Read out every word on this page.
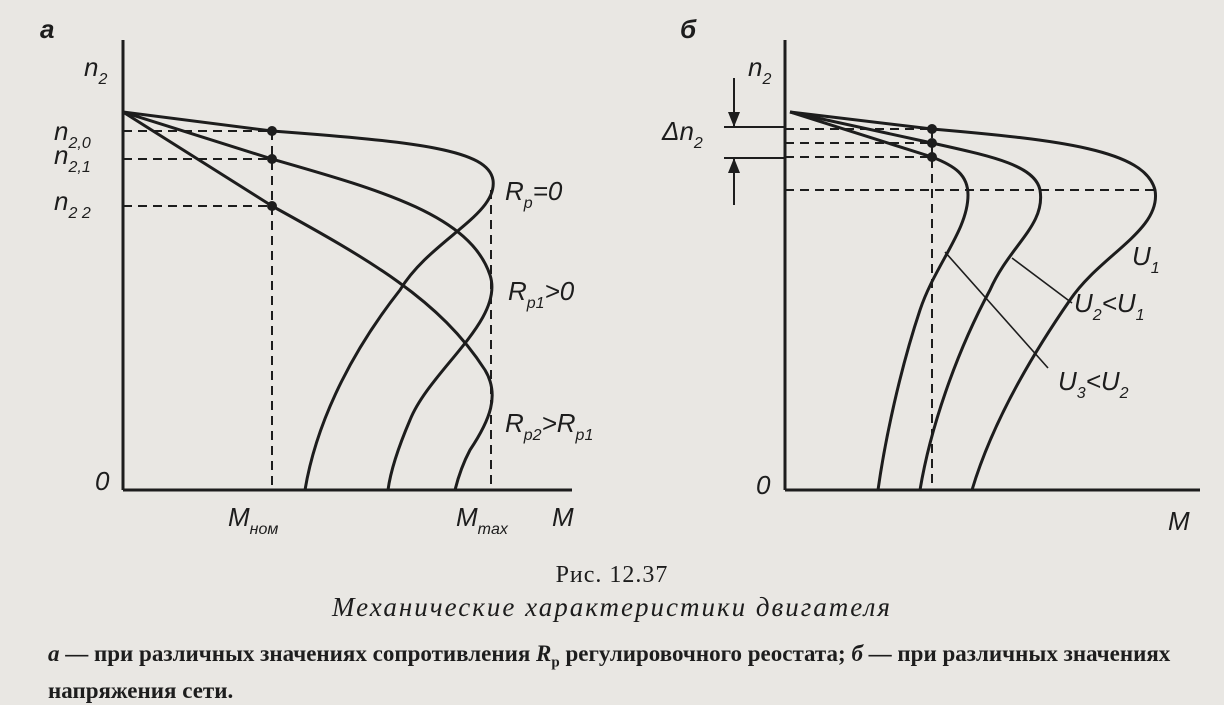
а
$n_2$
0
M
$n_{2,0}$
$n_{2,1}$
$n_{2 2}$
$M_{ном}$	$M_{max}$
$R_p=0$
$R_{p1}>0$
$R_{p2}>R_{p1}$
б
$n_2$
0
M
$\Delta n_2$
$U_1$
$U_2<U_1$
$U_3<U_2$
Рис. 12.37
Механические характеристики двигателя
а — при различных значениях сопротивления $R_р$ регулировочного реостата; б — при различных значениях напряжения сети.
